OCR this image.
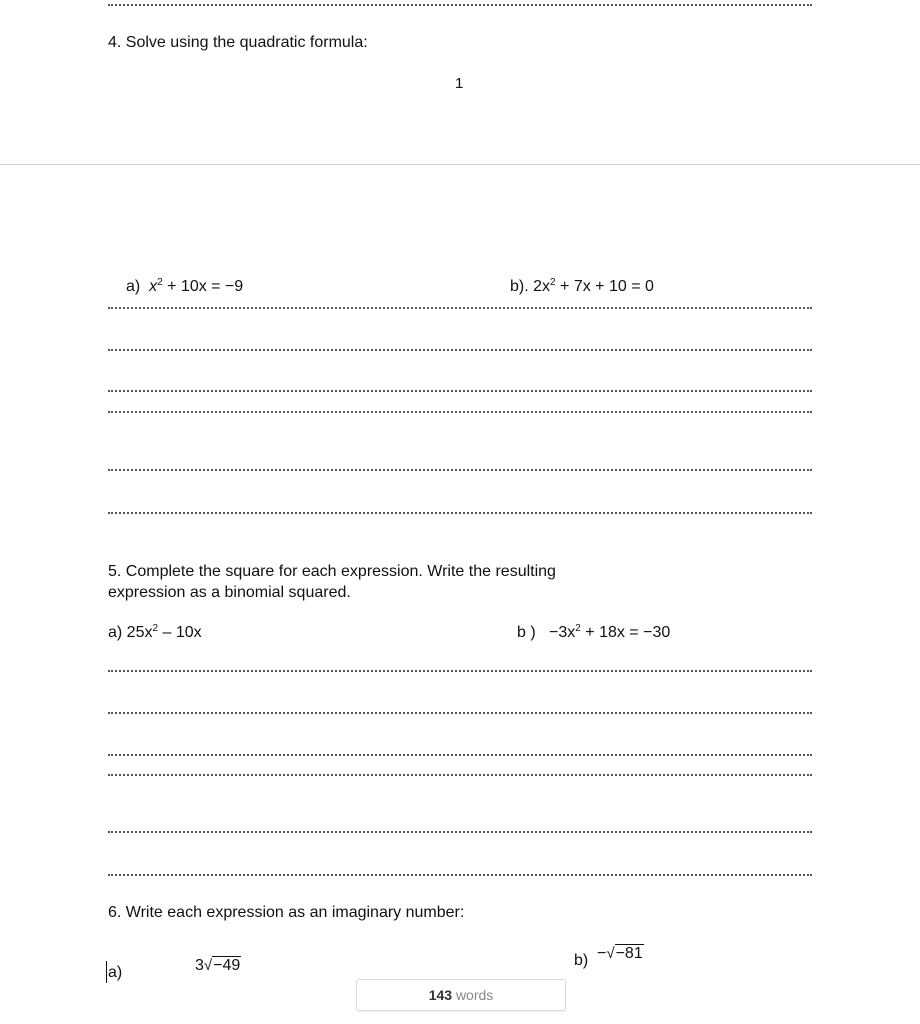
4. Solve using the quadratic formula:
1
a) $x^2 + 10x = -9$	b). $2x^2 + 7x + 10 = 0$
5. Complete the square for each expression. Write the resulting
expression as a binomial squared.
a) $25x^2 - 10x$	b ) $-3x^2 + 18x = -30$
6. Write each expression as an imaginary number:
a)	3√−49	b) −√−81
143 words
